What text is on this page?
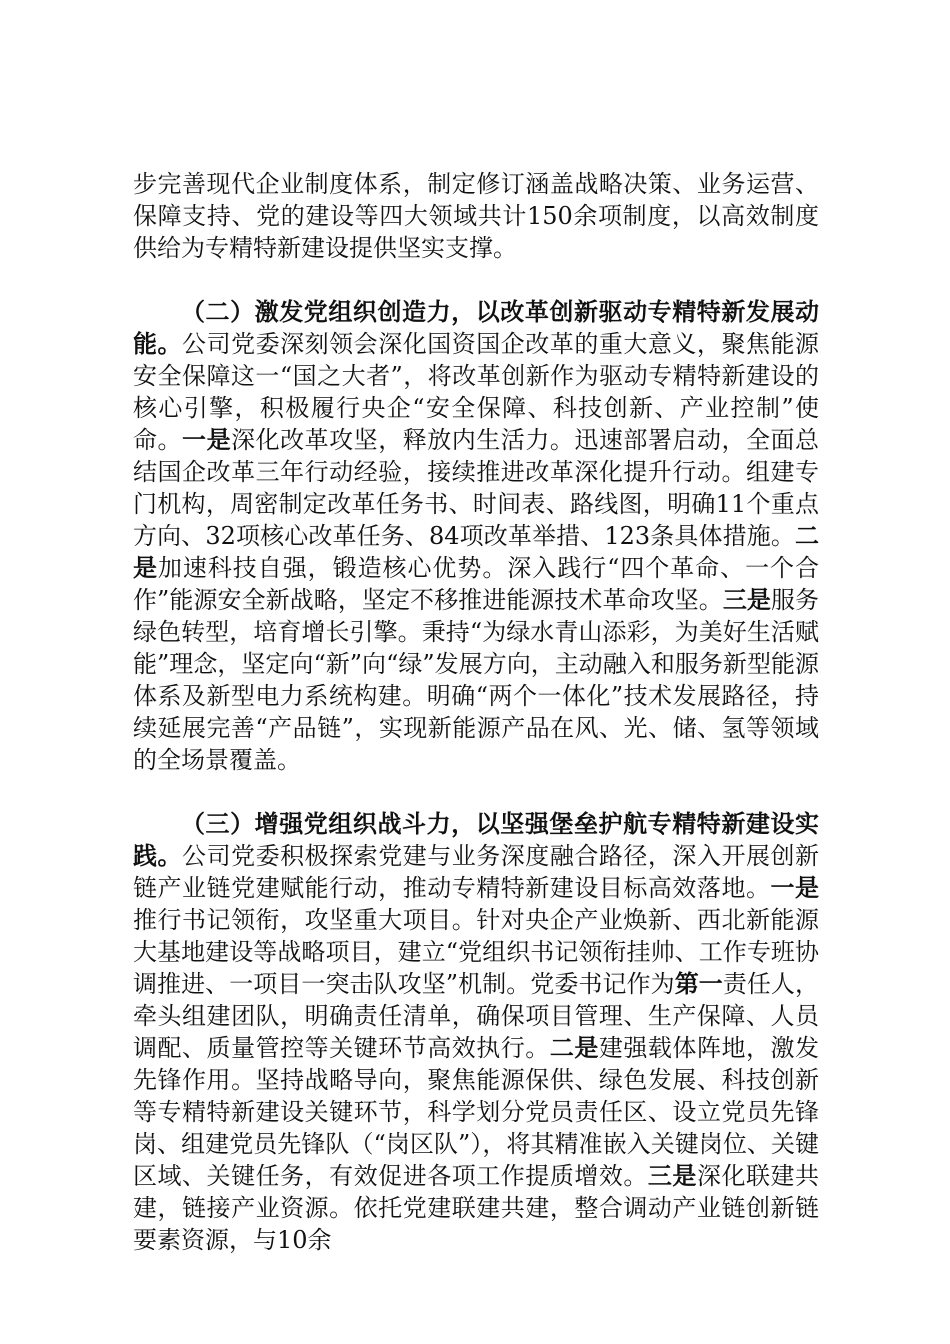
步完善现代企业制度体系，制定修订涵盖战略决策、业务运营、保障支持、党的建设等四大领域共计150余项制度，以高效制度供给为专精特新建设提供坚实支撑。

（二）激发党组织创造力，以改革创新驱动专精特新发展动能。公司党委深刻领会深化国资国企改革的重大意义，聚焦能源安全保障这一“国之大者”，将改革创新作为驱动专精特新建设的核心引擎，积极履行央企“安全保障、科技创新、产业控制”使命。一是深化改革攻坚，释放内生活力。迅速部署启动，全面总结国企改革三年行动经验，接续推进改革深化提升行动。组建专门机构，周密制定改革任务书、时间表、路线图，明确11个重点方向、32项核心改革任务、84项改革举措、123条具体措施。二是加速科技自强，锻造核心优势。深入践行“四个革命、一个合作”能源安全新战略，坚定不移推进能源技术革命攻坚。三是服务绿色转型，培育增长引擎。秉持“为绿水青山添彩，为美好生活赋能”理念，坚定向“新”向“绿”发展方向，主动融入和服务新型能源体系及新型电力系统构建。明确“两个一体化”技术发展路径，持续延展完善“产品链”，实现新能源产品在风、光、储、氢等领域的全场景覆盖。

（三）增强党组织战斗力，以坚强堡垒护航专精特新建设实践。公司党委积极探索党建与业务深度融合路径，深入开展创新链产业链党建赋能行动，推动专精特新建设目标高效落地。一是推行书记领衔，攻坚重大项目。针对央企产业焕新、西北新能源大基地建设等战略项目，建立“党组织书记领衔挂帅、工作专班协调推进、一项目一突击队攻坚”机制。党委书记作为第一责任人，牵头组建团队，明确责任清单，确保项目管理、生产保障、人员调配、质量管控等关键环节高效执行。二是建强载体阵地，激发先锋作用。坚持战略导向，聚焦能源保供、绿色发展、科技创新等专精特新建设关键环节，科学划分党员责任区、设立党员先锋岗、组建党员先锋队（“岗区队”），将其精准嵌入关键岗位、关键区域、关键任务，有效促进各项工作提质增效。三是深化联建共建，链接产业资源。依托党建联建共建，整合调动产业链创新链要素资源，与10余
